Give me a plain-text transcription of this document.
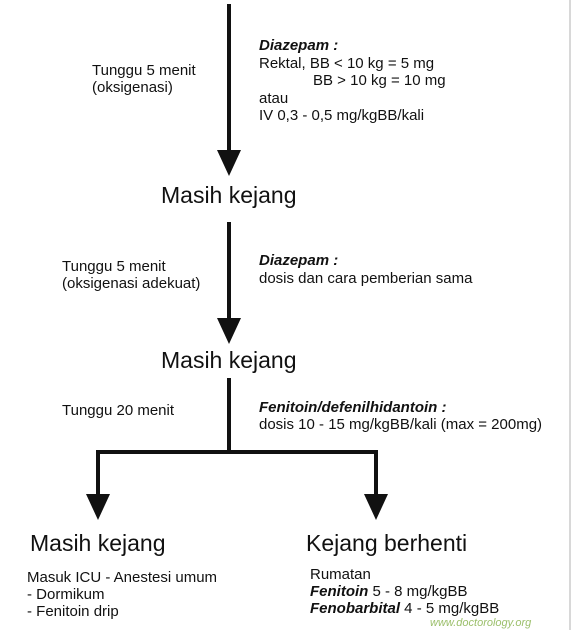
Tunggu 5 menit
(oksigenasi)
Diazepam :
Rektal, BB < 10 kg = 5 mg
BB > 10 kg = 10 mg
atau
IV 0,3 - 0,5 mg/kgBB/kali
Masih kejang
Tunggu 5 menit
(oksigenasi adekuat)
Diazepam :
dosis dan cara pemberian sama
Masih kejang
Tunggu 20 menit	Fenitoin/defenilhidantoin :
dosis 10 - 15 mg/kgBB/kali (max = 200mg)
Masih kejang
Masuk ICU - Anestesi umum
- Dormikum
- Fenitoin drip
Kejang berhenti
Rumatan
Fenitoin 5 - 8 mg/kgBB
Fenobarbital 4 - 5 mg/kgBB
www.doctorology.org
